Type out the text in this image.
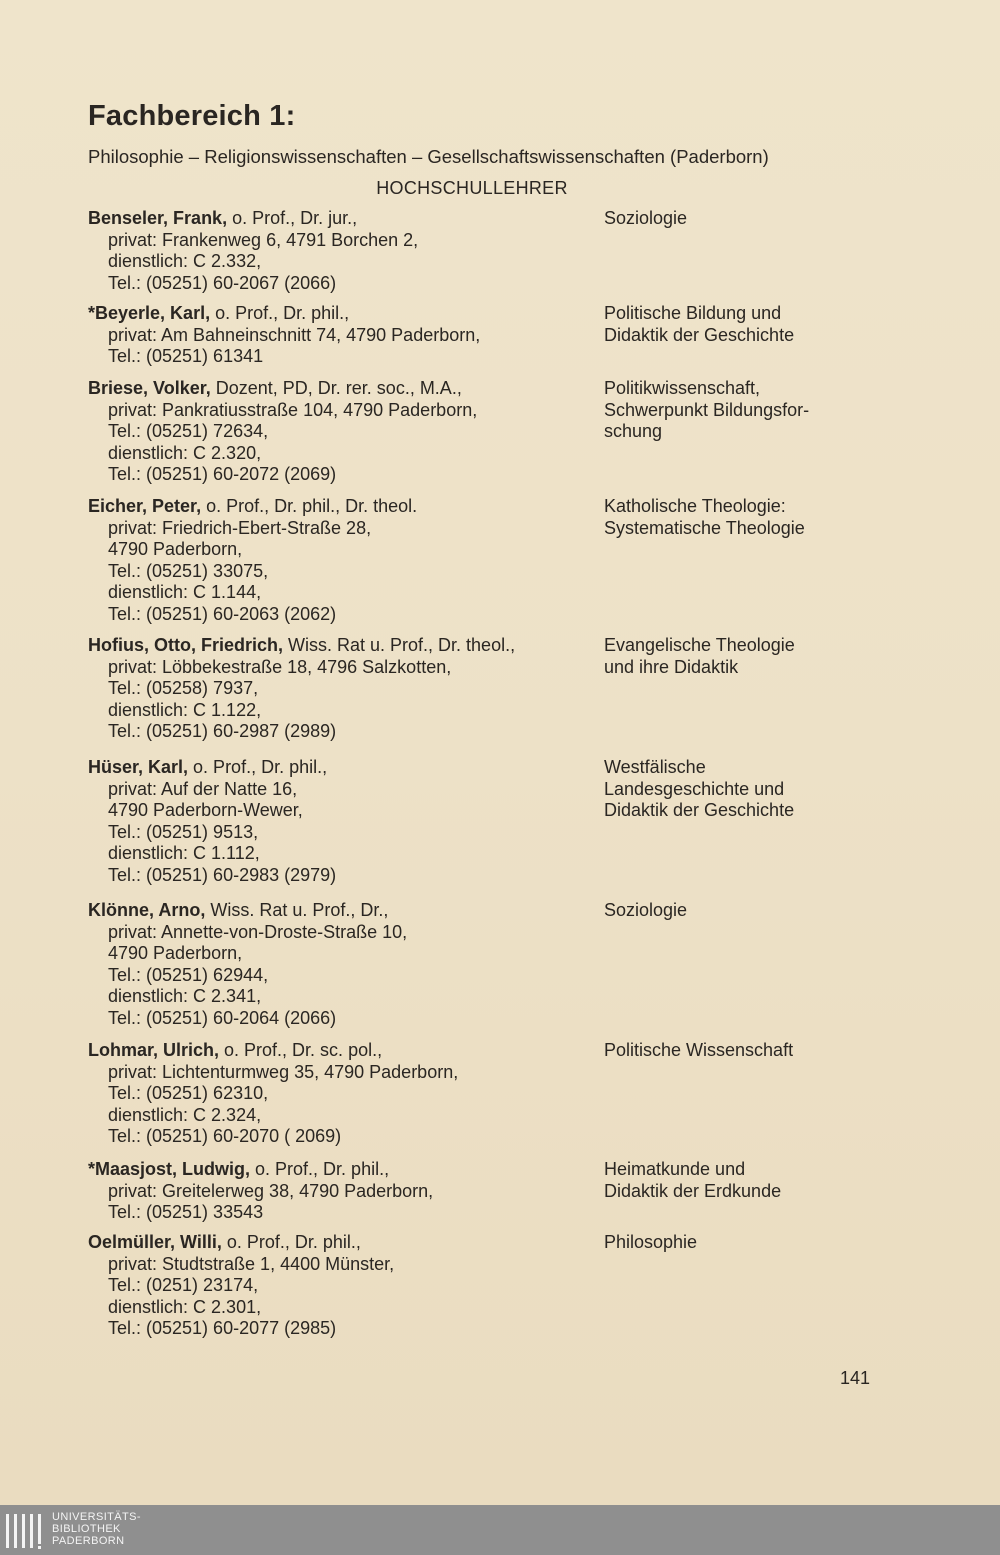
Fachbereich 1:
Philosophie – Religionswissenschaften – Gesellschaftswissenschaften (Paderborn)
HOCHSCHULLEHRER
Benseler, Frank, o. Prof., Dr. jur.,
privat: Frankenweg 6, 4791 Borchen 2,
dienstlich: C 2.332,
Tel.: (05251) 60-2067 (2066)
Soziologie
*Beyerle, Karl, o. Prof., Dr. phil.,
privat: Am Bahneinschnitt 74, 4790 Paderborn,
Tel.: (05251) 61341
Politische Bildung und
Didaktik der Geschichte
Briese, Volker, Dozent, PD, Dr. rer. soc., M.A.,
privat: Pankratiusstraße 104, 4790 Paderborn,
Tel.: (05251) 72634,
dienstlich: C 2.320,
Tel.: (05251) 60-2072 (2069)
Politikwissenschaft,
Schwerpunkt Bildungsfor-
schung
Eicher, Peter, o. Prof., Dr. phil., Dr. theol.
privat: Friedrich-Ebert-Straße 28,
4790 Paderborn,
Tel.: (05251) 33075,
dienstlich: C 1.144,
Tel.: (05251) 60-2063 (2062)
Katholische Theologie:
Systematische Theologie
Hofius, Otto, Friedrich, Wiss. Rat u. Prof., Dr. theol.,
privat: Löbbekestraße 18, 4796 Salzkotten,
Tel.: (05258) 7937,
dienstlich: C 1.122,
Tel.: (05251) 60-2987 (2989)
Evangelische Theologie
und ihre Didaktik
Hüser, Karl, o. Prof., Dr. phil.,
privat: Auf der Natte 16,
4790 Paderborn-Wewer,
Tel.: (05251) 9513,
dienstlich: C 1.112,
Tel.: (05251) 60-2983 (2979)
Westfälische
Landesgeschichte und
Didaktik der Geschichte
Klönne, Arno, Wiss. Rat u. Prof., Dr.,
privat: Annette-von-Droste-Straße 10,
4790 Paderborn,
Tel.: (05251) 62944,
dienstlich: C 2.341,
Tel.: (05251) 60-2064 (2066)
Soziologie
Lohmar, Ulrich, o. Prof., Dr. sc. pol.,
privat: Lichtenturmweg 35, 4790 Paderborn,
Tel.: (05251) 62310,
dienstlich: C 2.324,
Tel.: (05251) 60-2070 ( 2069)
Politische Wissenschaft
*Maasjost, Ludwig, o. Prof., Dr. phil.,
privat: Greitelerweg 38, 4790 Paderborn,
Tel.: (05251) 33543
Heimatkunde und
Didaktik der Erdkunde
Oelmüller, Willi, o. Prof., Dr. phil.,
privat: Studtstraße 1, 4400 Münster,
Tel.: (0251) 23174,
dienstlich: C 2.301,
Tel.: (05251) 60-2077 (2985)
Philosophie
141
UNIVERSITÄTS-
BIBLIOTHEK
PADERBORN
